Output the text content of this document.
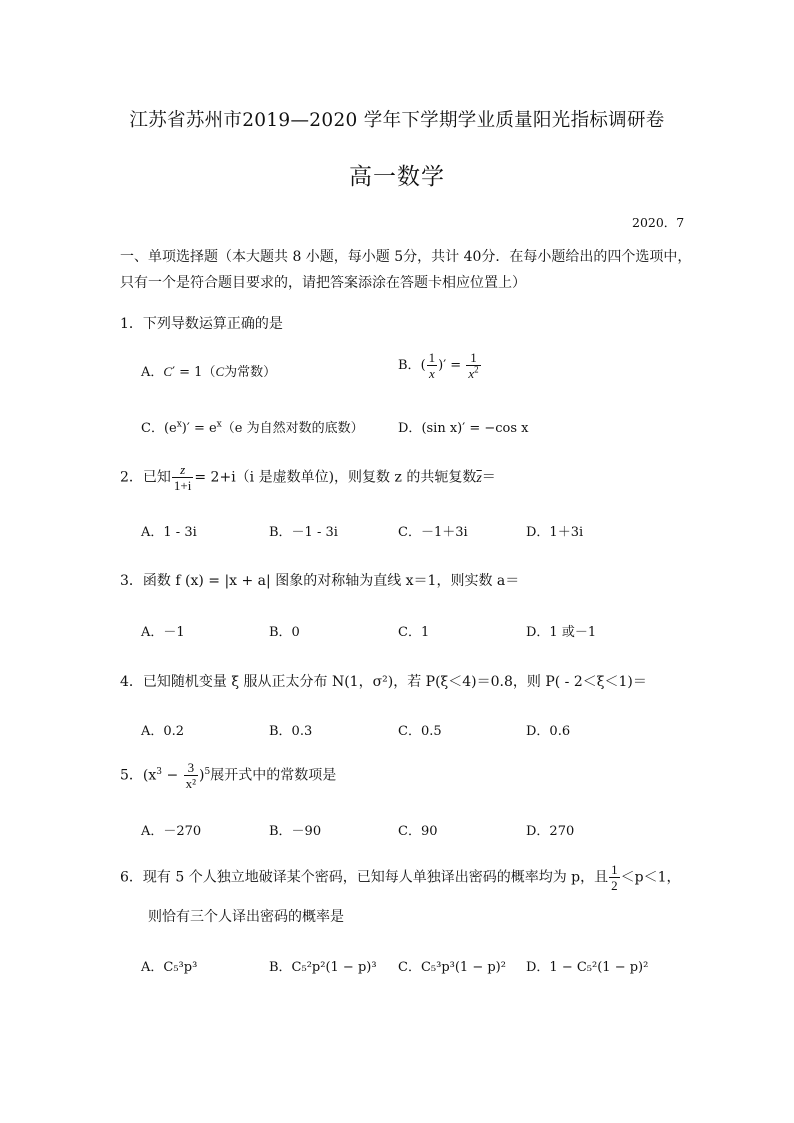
江苏省苏州市2019—2020 学年下学期学业质量阳光指标调研卷
高一数学
2020．7
一、单项选择题（本大题共 8 小题，每小题 5分，共计 40分．在每小题给出的四个选项中，
只有一个是符合题目要求的，请把答案添涂在答题卡相应位置上）
1．下列导数运算正确的是
A．C′ = 1（C为常数）	B．( $\frac{1}{x}$ )′ = $\frac{1}{x^2}$
C．$(e^x)' = e^x(e$ 为自然对数的底数）	D．(sin x)′ = −cos x
2．已知 $\frac{z}{1+i} = 2+i(i$ 是虚数单位)，则复数 z 的共轭复数$\overline{z}=$
A．1 - 3i	B．－1 - 3i	C．－1＋3i	D．1＋3i
3．函数 f (x) = |x + a| 图象的对称轴为直线 x＝1，则实数 a＝
A．－1	B．0	C．1	D．1 或－1
4．已知随机变量 ξ 服从正太分布 N(1，σ²)，若 P(ξ＜4)＝0.8，则 P( - 2＜ξ＜1)＝
A．0.2	B．0.3	C．0.5	D．0.6
5．$(x^3 - \frac{3}{\text{x²}} )^5$展开式中的常数项是
A．－270	B．－90	C．90	D．270
6．现有 5 个人独立地破译某个密码，已知每人单独译出密码的概率均为 p，且 $\frac{1}{2} <p<1$，
则恰有三个人译出密码的概率是
A．C₅³p³	B．C₅²p²(1 − p)³ C．C₅³p³(1 − p)² D．1 − C₅²(1 − p)²
